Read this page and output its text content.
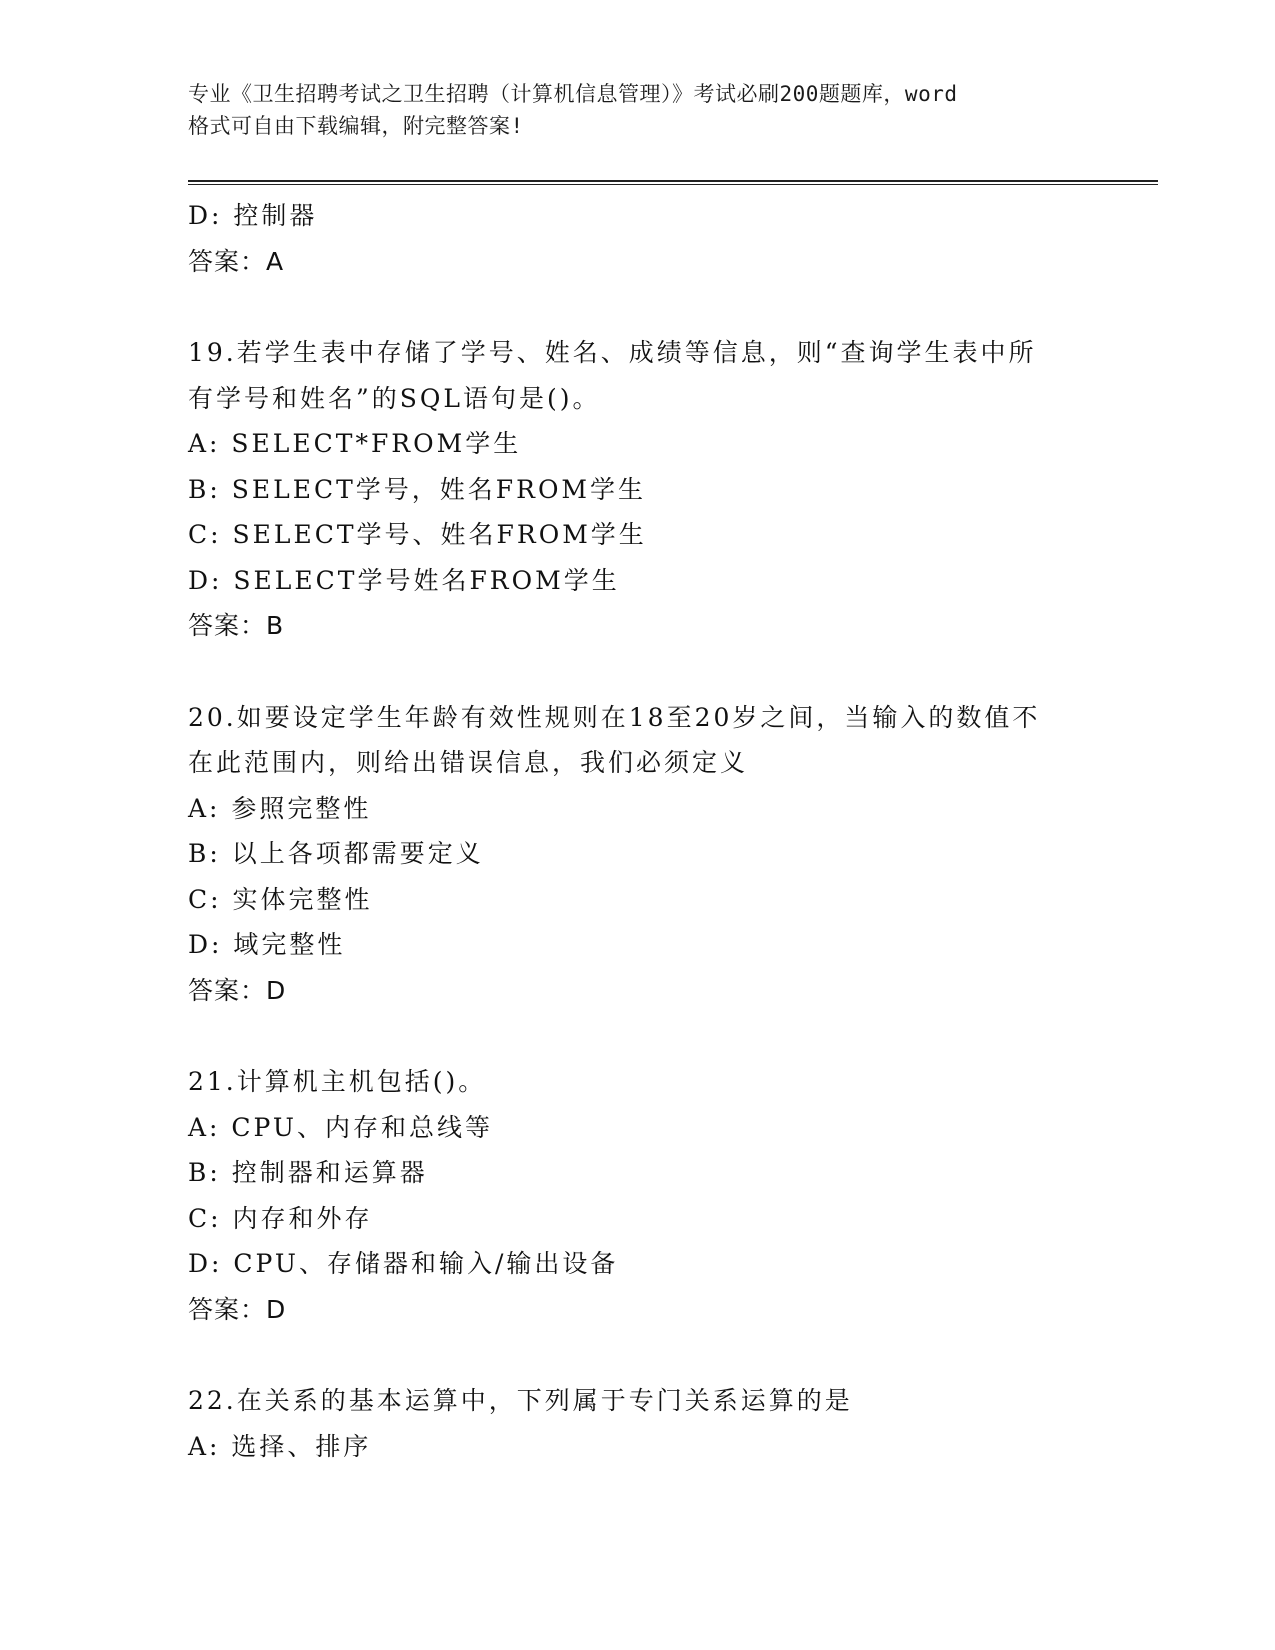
专业《卫生招聘考试之卫生招聘（计算机信息管理）》考试必刷200题题库，word
格式可自由下载编辑，附完整答案!
D: 控制器
答案：A
19.若学生表中存储了学号、姓名、成绩等信息，则“查询学生表中所
有学号和姓名”的SQL语句是()。
A: SELECT*FROM学生
B: SELECT学号，姓名FROM学生
C: SELECT学号、姓名FROM学生
D: SELECT学号姓名FROM学生
答案：B
20.如要设定学生年龄有效性规则在18至20岁之间，当输入的数值不
在此范围内，则给出错误信息，我们必须定义
A: 参照完整性
B: 以上各项都需要定义
C: 实体完整性
D: 域完整性
答案：D
21.计算机主机包括()。
A: CPU、内存和总线等
B: 控制器和运算器
C: 内存和外存
D: CPU、存储器和输入/输出设备
答案：D
22.在关系的基本运算中，下列属于专门关系运算的是
A: 选择、排序
